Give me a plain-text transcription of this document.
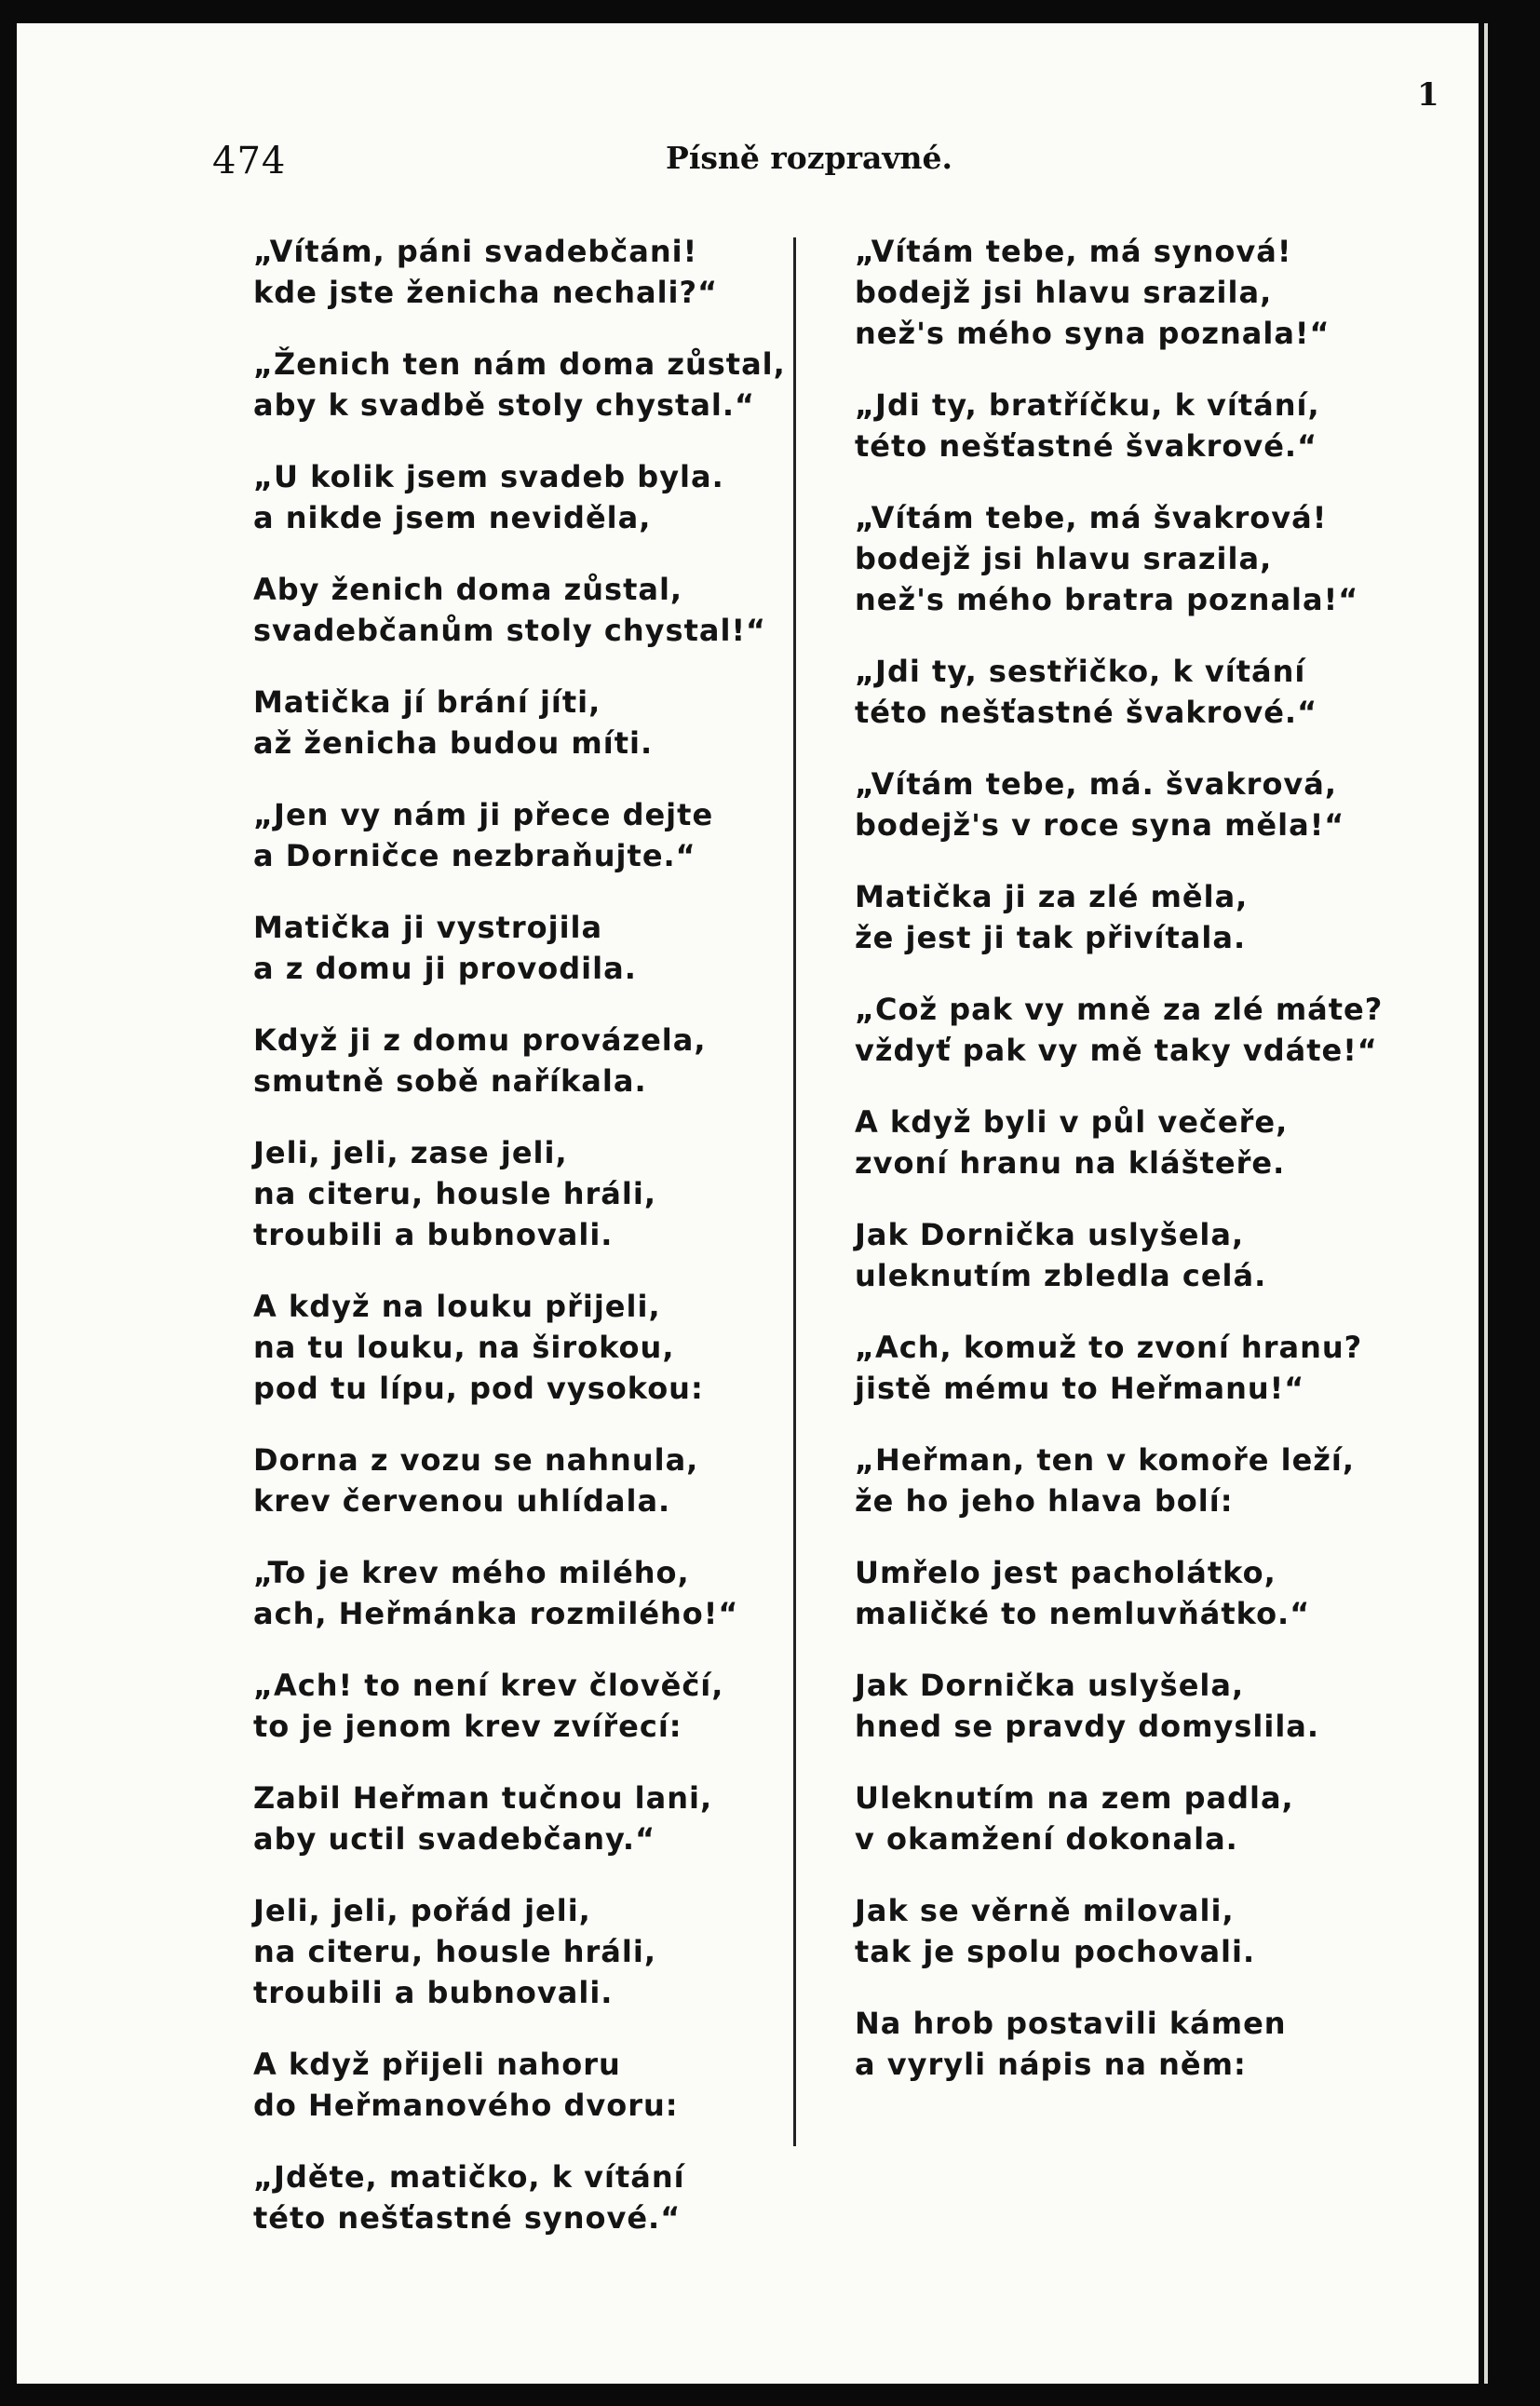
474	Písně rozpravné.
1
„Vítám, páni svadebčani!
kde jste ženicha nechali?“
„Ženich ten nám doma zůstal,
aby k svadbě stoly chystal.“
„U kolik jsem svadeb byla.
a nikde jsem neviděla,
Aby ženich doma zůstal,
svadebčanům stoly chystal!“
Matička jí brání jíti,
až ženicha budou míti.
„Jen vy nám ji přece dejte
a Dorničce nezbraňujte.“
Matička ji vystrojila
a z domu ji provodila.
Když ji z domu provázela,
smutně sobě naříkala.
Jeli, jeli, zase jeli,
na citeru, housle hráli,
troubili a bubnovali.
A když na louku přijeli,
na tu louku, na širokou,
pod tu lípu, pod vysokou:
Dorna z vozu se nahnula,
krev červenou uhlídala.
„To je krev mého milého,
ach, Heřmánka rozmilého!“
„Ach! to není krev člověčí,
to je jenom krev zvířecí:
Zabil Heřman tučnou lani,
aby uctil svadebčany.“
Jeli, jeli, pořád jeli,
na citeru, housle hráli,
troubili a bubnovali.
A když přijeli nahoru
do Heřmanového dvoru:
„Jděte, matičko, k vítání
této nešťastné synové.“
„Vítám tebe, má synová!
bodejž jsi hlavu srazila,
než's mého syna poznala!“
„Jdi ty, bratříčku, k vítání,
této nešťastné švakrové.“
„Vítám tebe, má švakrová!
bodejž jsi hlavu srazila,
než's mého bratra poznala!“
„Jdi ty, sestřičko, k vítání
této nešťastné švakrové.“
„Vítám tebe, má. švakrová,
bodejž's v roce syna měla!“
Matička ji za zlé měla,
že jest ji tak přivítala.
„Což pak vy mně za zlé máte?
vždyť pak vy mě taky vdáte!“
A když byli v půl večeře,
zvoní hranu na klášteře.
Jak Dornička uslyšela,
uleknutím zbledla celá.
„Ach, komuž to zvoní hranu?
jistě mému to Heřmanu!“
„Heřman, ten v komoře leží,
že ho jeho hlava bolí:
Umřelo jest pacholátko,
maličké to nemluvňátko.“
Jak Dornička uslyšela,
hned se pravdy domyslila.
Uleknutím na zem padla,
v okamžení dokonala.
Jak se věrně milovali,
tak je spolu pochovali.
Na hrob postavili kámen
a vyryli nápis na něm:
